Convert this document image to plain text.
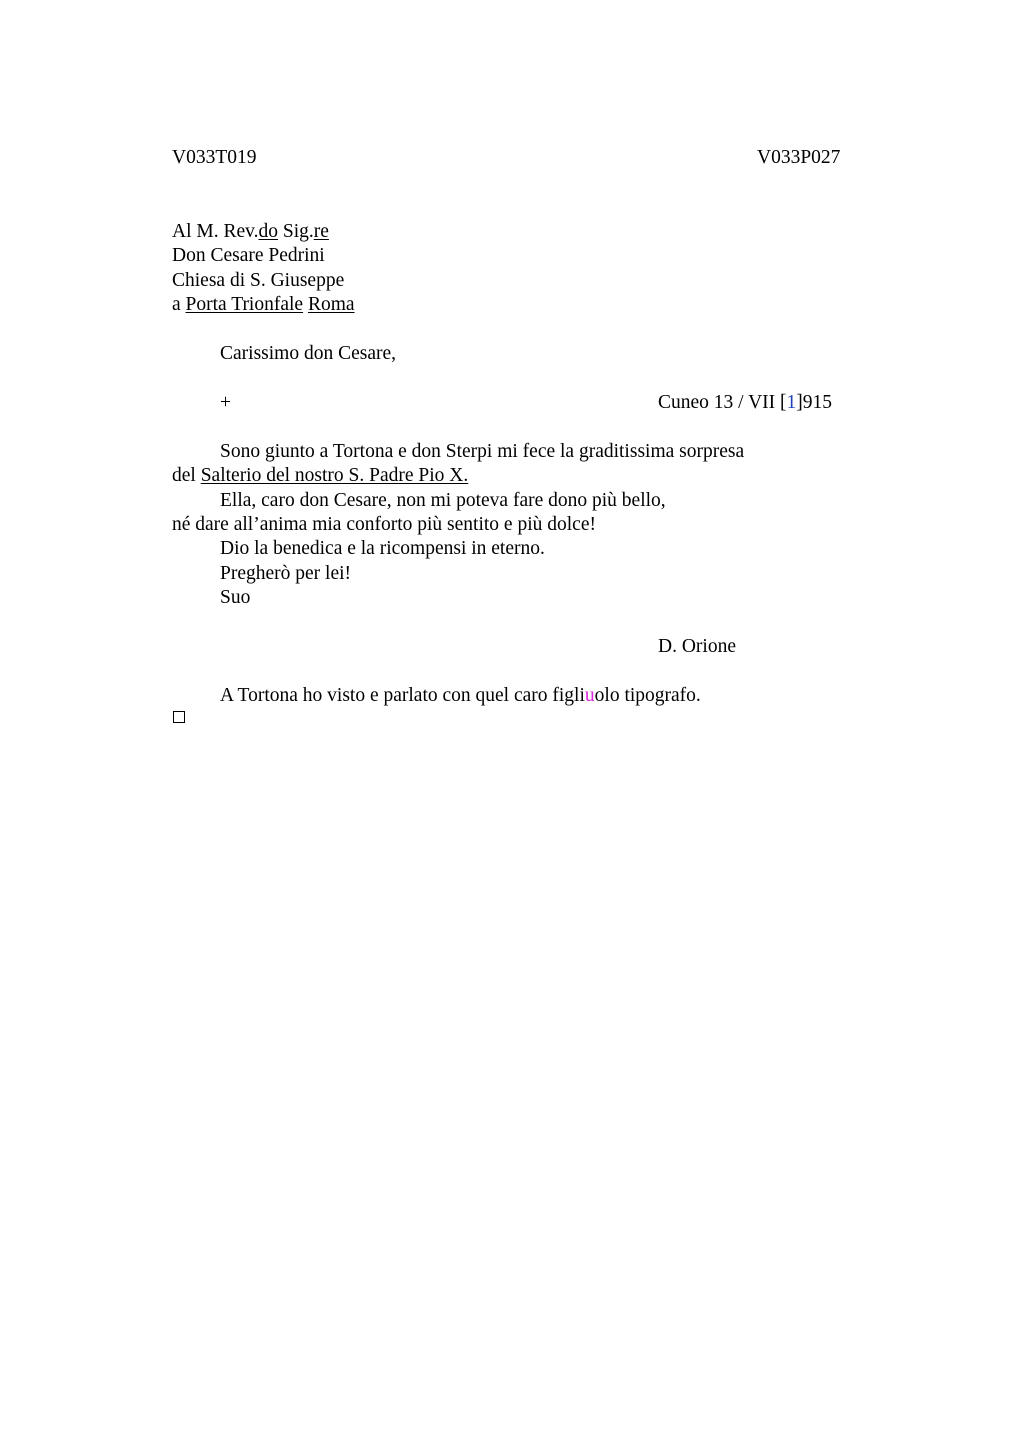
V033T019	V033P027
Al M. Rev.do Sig.re
Don Cesare Pedrini
Chiesa di S. Giuseppe
a Porta Trionfale Roma
Carissimo don Cesare,
+	Cuneo 13 / VII [1]915
Sono giunto a Tortona e don Sterpi mi fece la graditissima sorpresa
del Salterio del nostro S. Padre Pio X.
Ella, caro don Cesare, non mi poteva fare dono più bello,
né dare all’anima mia conforto più sentito e più dolce!
Dio la benedica e la ricompensi in eterno.
Pregherò per lei!
Suo
D. Orione
A Tortona ho visto e parlato con quel caro figliuolo tipografo.
